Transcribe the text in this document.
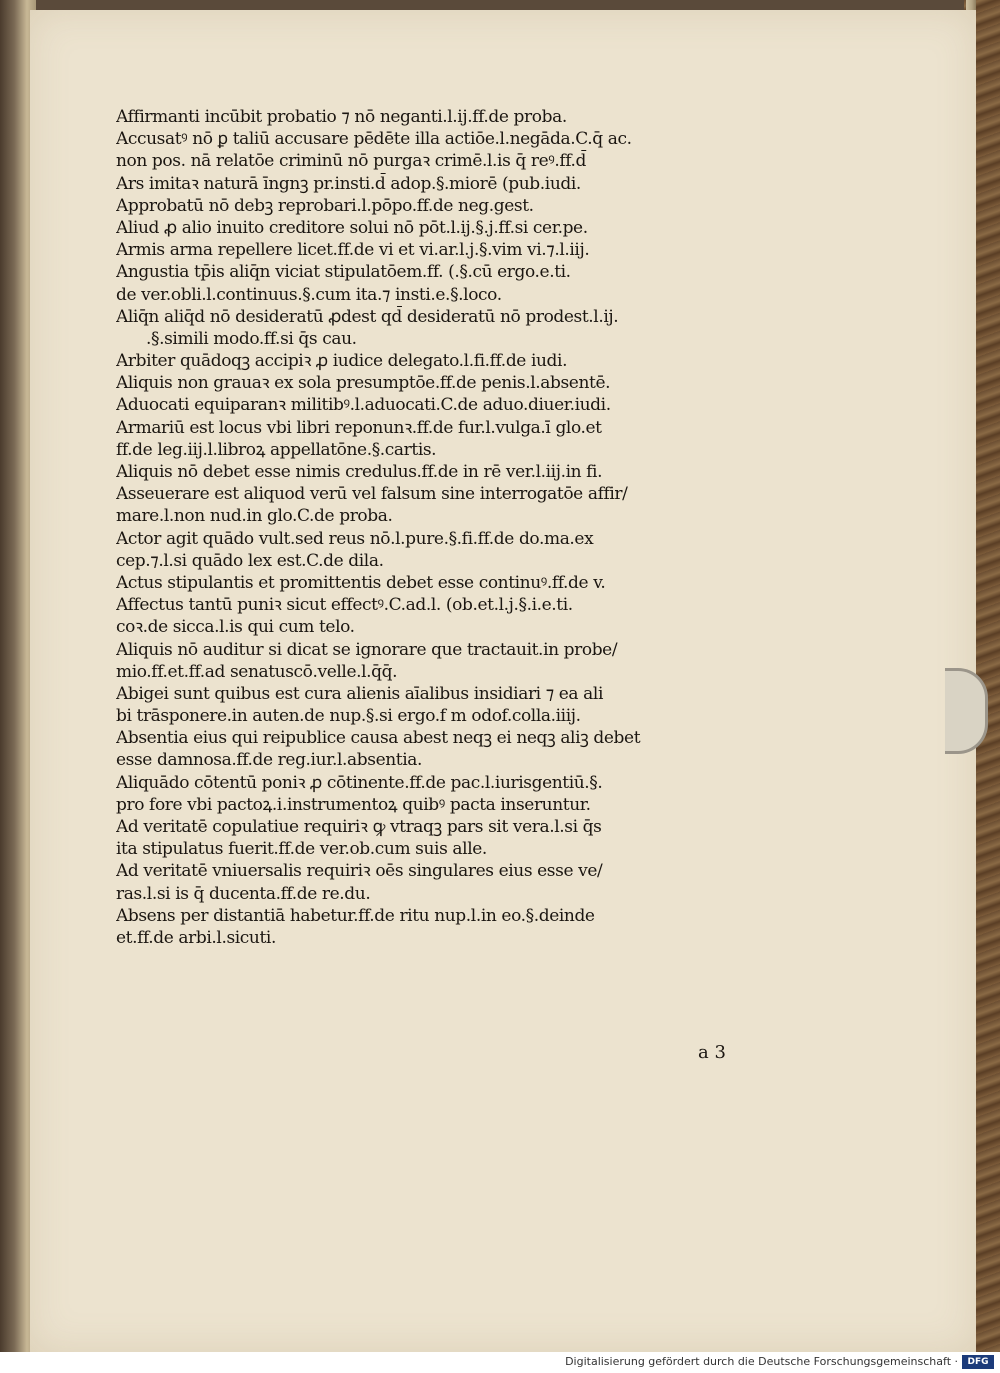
Affirmanti incūbit probatio ⁊ nō neganti.l.ij.ff.de proba.
Accusatꝰ nō ꝑ taliū accusare pēdēte illa actiōe.l.negāda.C.q̄ ac.
non pos. nā relatōe criminū nō purgaꝛ crimē.l.is q̄ reꝰ.ff.d̄
Ars imitaꝛ naturā īngnꝫ pr.insti.d̄ adop.§.miorē (pub.iudi.
Approbatū nō debꝫ reprobari.l.pōpo.ff.de neg.gest.
Aliud ꝓ alio inuito creditore solui nō pōt.l.ij.§.j.ff.si cer.pe.
Armis arma repellere licet.ff.de vi et vi.ar.l.j.§.vim vi.⁊.l.iij.
Angustia tp̄is aliq̄n viciat stipulatōem.ff. (.§.cū ergo.e.ti.
de ver.obli.l.continuus.§.cum ita.⁊ insti.e.§.loco.
Aliq̄n aliq̄d nō desideratū ꝓdest qd̄ desideratū nō prodest.l.ij.
.§.simili modo.ff.si q̄s cau.
Arbiter quādoqꝫ accipiꝛ ꝓ iudice delegato.l.fi.ff.de iudi.
Aliquis non grauaꝛ ex sola presumptōe.ff.de penis.l.absentē.
Aduocati equiparanꝛ militibꝰ.l.aduocati.C.de aduo.diuer.iudi.
Armariū est locus vbi libri reponunꝛ.ff.de fur.l.vulga.ī glo.et
ff.de leg.iij.l.libroꝝ appellatōne.§.cartis.
Aliquis nō debet esse nimis credulus.ff.de in rē ver.l.iij.in fi.
Asseuerare est aliquod verū vel falsum sine interrogatōe affir/
mare.l.non nud.in glo.C.de proba.
Actor agit quādo vult.sed reus nō.l.pure.§.fi.ff.de do.ma.ex
cep.⁊.l.si quādo lex est.C.de dila.
Actus stipulantis et promittentis debet esse continuꝰ.ff.de v.
Affectus tantū puniꝛ sicut effectꝰ.C.ad.l. (ob.et.l.j.§.i.e.ti.
coꝛ.de sicca.l.is qui cum telo.
Aliquis nō auditur si dicat se ignorare que tractauit.in probe/
mio.ff.et.ff.ad senatuscō.velle.l.q̄q̄.
Abigei sunt quibus est cura alienis aīalibus insidiari ⁊ ea ali
bi trāsponere.in auten.de nup.§.si ergo.f m odof.colla.iiij.
Absentia eius qui reipublice causa abest neqꝫ ei neqꝫ aliꝫ debet
esse damnosa.ff.de reg.iur.l.absentia.
Aliquādo cōtentū poniꝛ ꝓ cōtinente.ff.de pac.l.iurisgentiū.§.
pro fore vbi pactoꝝ.i.instrumentoꝝ quibꝰ pacta inseruntur.
Ad veritatē copulatiue requiriꝛ ꝙ vtraqꝫ pars sit vera.l.si q̄s
ita stipulatus fuerit.ff.de ver.ob.cum suis alle.
Ad veritatē vniuersalis requiriꝛ oēs singulares eius esse ve/
ras.l.si is q̄ ducenta.ff.de re.du.
Absens per distantiā habetur.ff.de ritu nup.l.in eo.§.deinde
et.ff.de arbi.l.sicuti.
a 3
Digitalisierung gefördert durch die Deutsche Forschungsgemeinschaft ·	DFG
